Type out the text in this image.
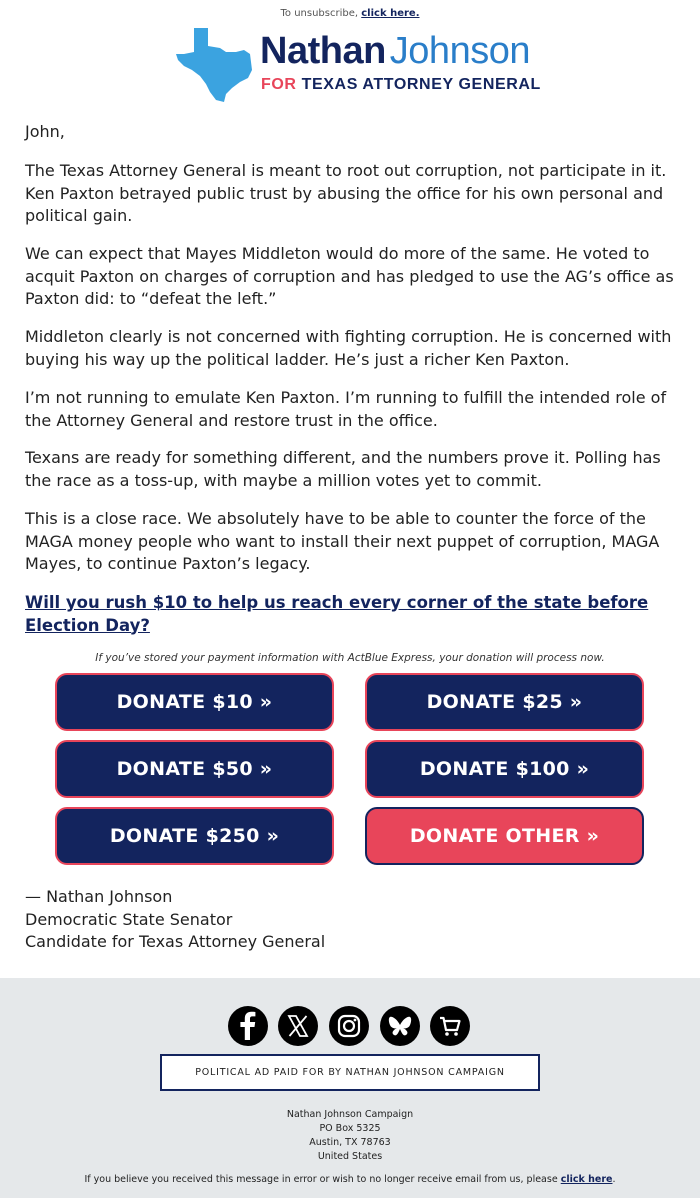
To unsubscribe, click here.
Nathan Johnson
FOR TEXAS ATTORNEY GENERAL
John,
The Texas Attorney General is meant to root out corruption, not participate in it. Ken Paxton betrayed public trust by abusing the office for his own personal and political gain.
We can expect that Mayes Middleton would do more of the same. He voted to acquit Paxton on charges of corruption and has pledged to use the AG’s office as Paxton did: to “defeat the left.”
Middleton clearly is not concerned with fighting corruption. He is concerned with buying his way up the political ladder. He’s just a richer Ken Paxton.
I’m not running to emulate Ken Paxton. I’m running to fulfill the intended role of the Attorney General and restore trust in the office.
Texans are ready for something different, and the numbers prove it. Polling has the race as a toss-up, with maybe a million votes yet to commit.
This is a close race. We absolutely have to be able to counter the force of the MAGA money people who want to install their next puppet of corruption, MAGA Mayes, to continue Paxton’s legacy.
Will you rush $10 to help us reach every corner of the state before Election Day?
If you’ve stored your payment information with ActBlue Express, your donation will process now.
DONATE $10 »	DONATE $25 »
DONATE $50 »	DONATE $100 »
DONATE $250 »	DONATE OTHER »
— Nathan Johnson
Democratic State Senator
Candidate for Texas Attorney General
POLITICAL AD PAID FOR BY NATHAN JOHNSON CAMPAIGN
Nathan Johnson Campaign
PO Box 5325
Austin, TX 78763
United States
If you believe you received this message in error or wish to no longer receive email from us, please click here.
